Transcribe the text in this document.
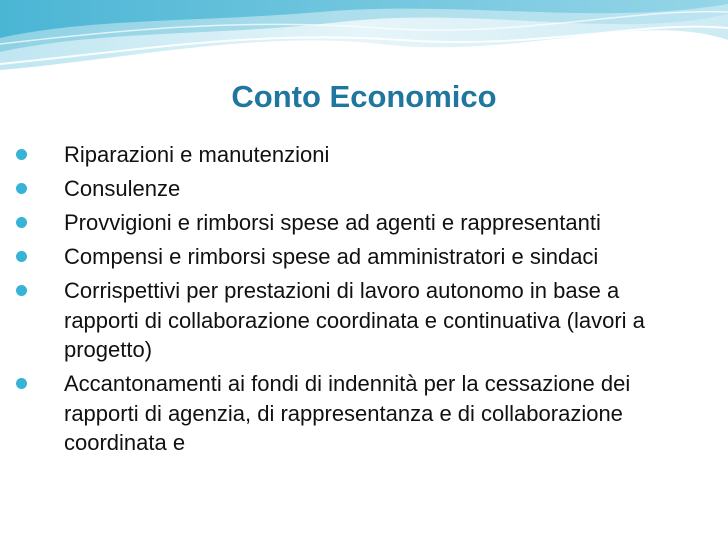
Conto Economico
Riparazioni e manutenzioni
Consulenze
Provvigioni e rimborsi spese ad agenti e rappresentanti
Compensi e rimborsi spese ad amministratori e sindaci
Corrispettivi per prestazioni di lavoro autonomo in base a rapporti di collaborazione coordinata e continuativa (lavori a progetto)
Accantonamenti ai fondi di indennità per la cessazione dei rapporti di agenzia, di rappresentanza e di collaborazione coordinata e
